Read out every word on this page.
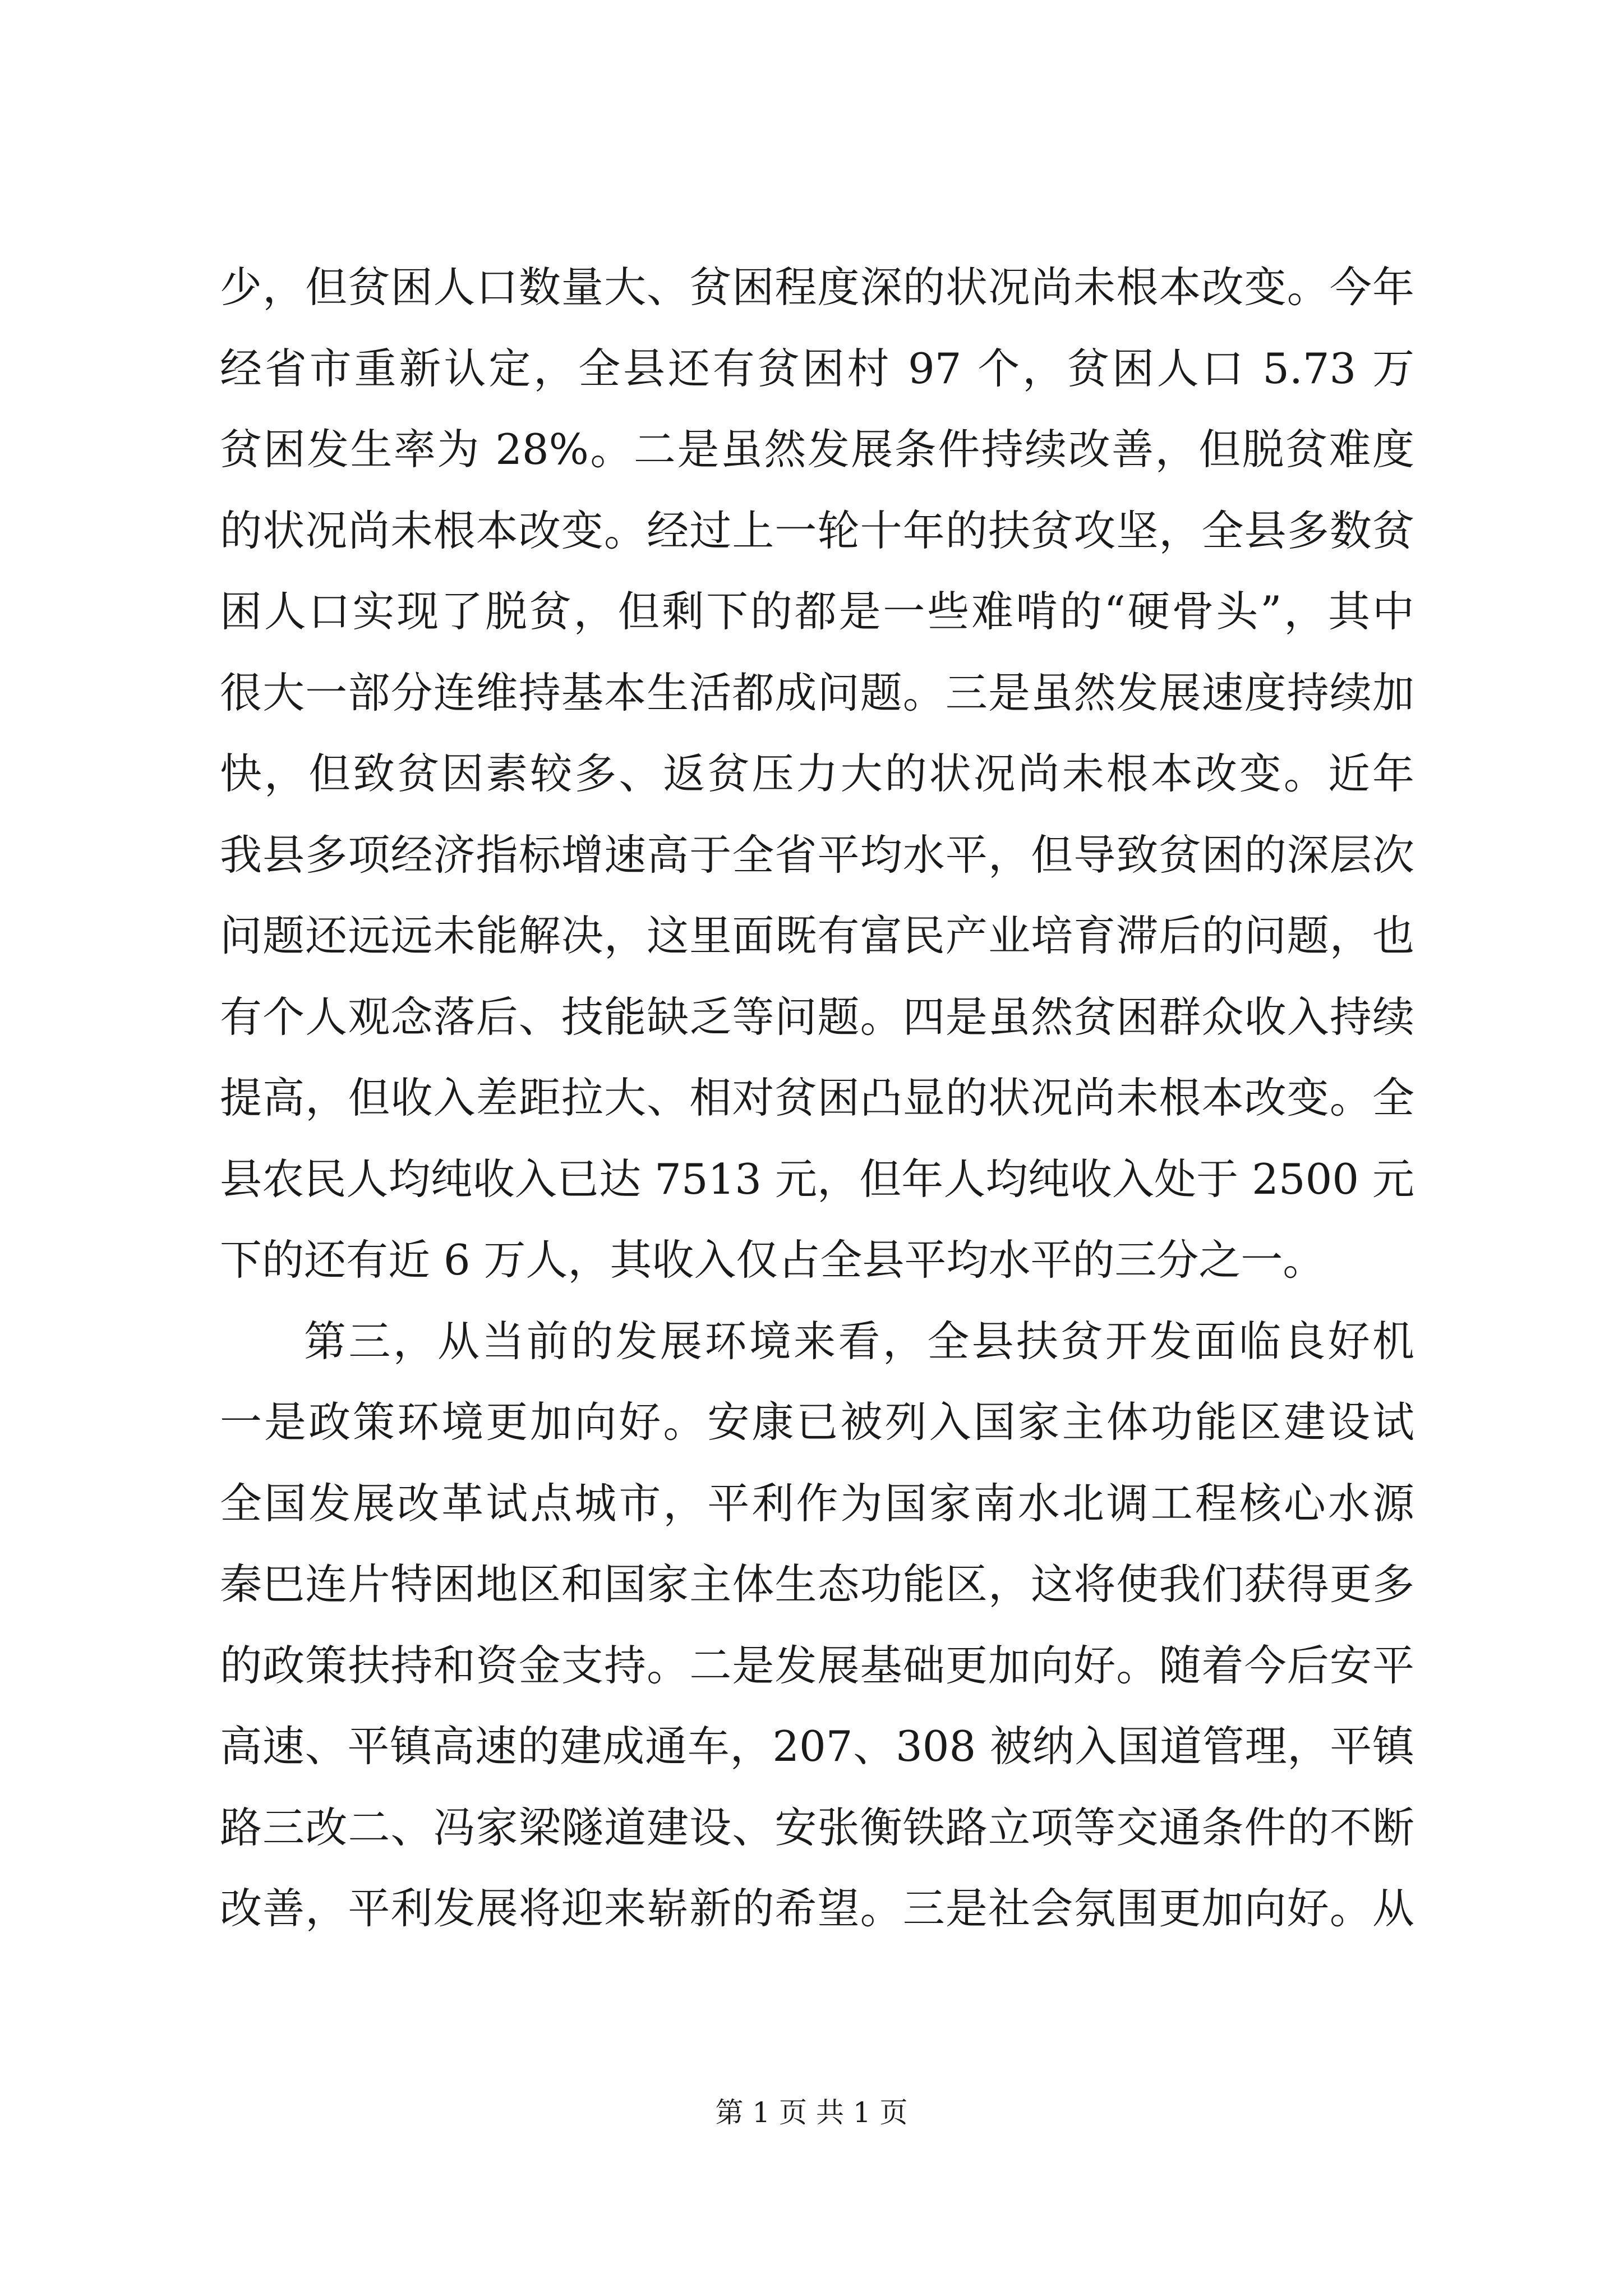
少，但贫困人口数量大、贫困程度深的状况尚未根本改变。今年
经省市重新认定，全县还有贫困村 97 个，贫困人口 5.73 万
贫困发生率为 28%。二是虽然发展条件持续改善，但脱贫难度
的状况尚未根本改变。经过上一轮十年的扶贫攻坚，全县多数贫
困人口实现了脱贫，但剩下的都是一些难啃的“硬骨头”，其中
很大一部分连维持基本生活都成问题。三是虽然发展速度持续加
快，但致贫因素较多、返贫压力大的状况尚未根本改变。近年
我县多项经济指标增速高于全省平均水平，但导致贫困的深层次
问题还远远未能解决，这里面既有富民产业培育滞后的问题，也
有个人观念落后、技能缺乏等问题。四是虽然贫困群众收入持续
提高，但收入差距拉大、相对贫困凸显的状况尚未根本改变。全
县农民人均纯收入已达 7513 元，但年人均纯收入处于 2500 元
下的还有近 6 万人，其收入仅占全县平均水平的三分之一。
第三，从当前的发展环境来看，全县扶贫开发面临良好机
一是政策环境更加向好。安康已被列入国家主体功能区建设试
全国发展改革试点城市，平利作为国家南水北调工程核心水源
秦巴连片特困地区和国家主体生态功能区，这将使我们获得更多
的政策扶持和资金支持。二是发展基础更加向好。随着今后安平
高速、平镇高速的建成通车，207、308 被纳入国道管理，平镇
路三改二、冯家梁隧道建设、安张衡铁路立项等交通条件的不断
改善，平利发展将迎来崭新的希望。三是社会氛围更加向好。从
第 1 页 共 1 页
